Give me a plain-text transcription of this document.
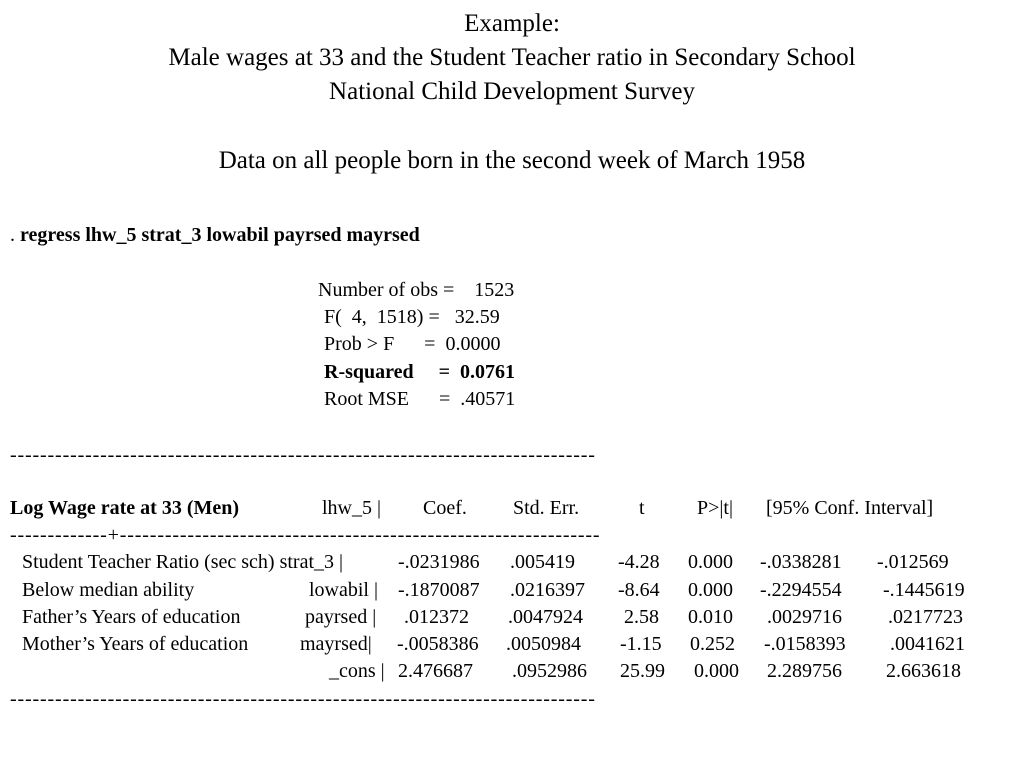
Example:
Male wages at 33 and the Student Teacher ratio in Secondary School
National Child Development Survey
Data on all people born in the second week of March 1958
. regress lhw_5 strat_3 lowabil payrsed mayrsed
Number of obs =    1523
F(  4,  1518) =   32.59
Prob > F      =  0.0000
R-squared     =  0.0761
Root MSE      =  .40571
------------------------------------------------------------------------------
Log Wage rate at 33 (Men)	lhw_5 | Coef. Std. Err.	t	P>|t| [95% Conf. Interval]
-------------+----------------------------------------------------------------
Student Teacher Ratio (sec sch) strat_3 |	-.0231986 .005419 -4.28 0.000 -.0338281 -.012569
Below median ability	lowabil | -.1870087 .0216397 -8.64 0.000 -.2294554 -.1445619
Father’s Years of education	payrsed | .012372 .0047924 2.58 0.010 .0029716 .0217723
Mother’s Years of education	mayrsed| -.0058386 .0050984 -1.15 0.252 -.0158393 .0041621
_cons | 2.476687 .0952986 25.99 0.000 2.289756 2.663618
------------------------------------------------------------------------------
